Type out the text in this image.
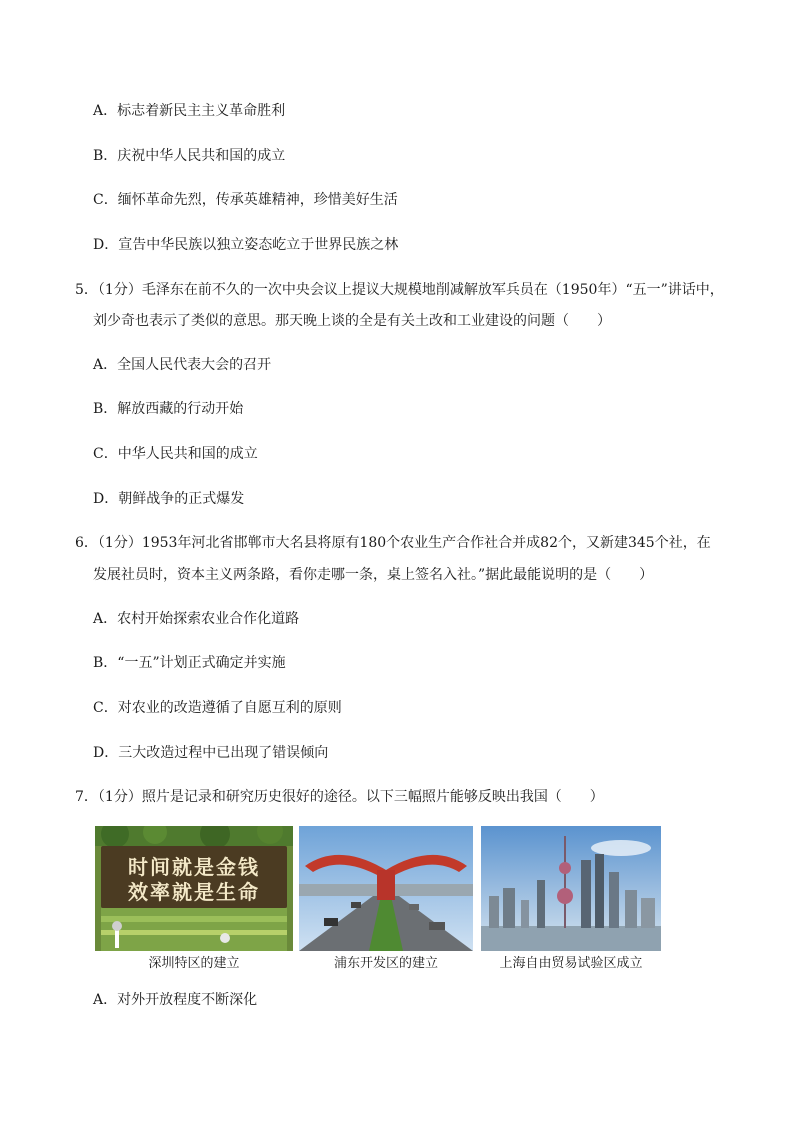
A．标志着新民主主义革命胜利
B．庆祝中华人民共和国的成立
C．缅怀革命先烈，传承英雄精神，珍惜美好生活
D．宣告中华民族以独立姿态屹立于世界民族之林
5．（1分）毛泽东在前不久的一次中央会议上提议大规模地削减解放军兵员在（1950年）“五一”讲话中，
刘少奇也表示了类似的意思。那天晚上谈的全是有关土改和工业建设的问题（　　）
A．全国人民代表大会的召开
B．解放西藏的行动开始
C．中华人民共和国的成立
D．朝鲜战争的正式爆发
6．（1分）1953年河北省邯郸市大名县将原有180个农业生产合作社合并成82个，又新建345个社，在
发展社员时，资本主义两条路，看你走哪一条，桌上签名入社。”据此最能说明的是（　　）
A．农村开始探索农业合作化道路
B．“一五”计划正式确定并实施
C．对农业的改造遵循了自愿互利的原则
D．三大改造过程中已出现了错误倾向
7．（1分）照片是记录和研究历史很好的途径。以下三幅照片能够反映出我国（　　）
时间就是金钱
效率就是生命
深圳特区的建立	浦东开发区的建立	上海自由贸易试验区成立
A．对外开放程度不断深化
